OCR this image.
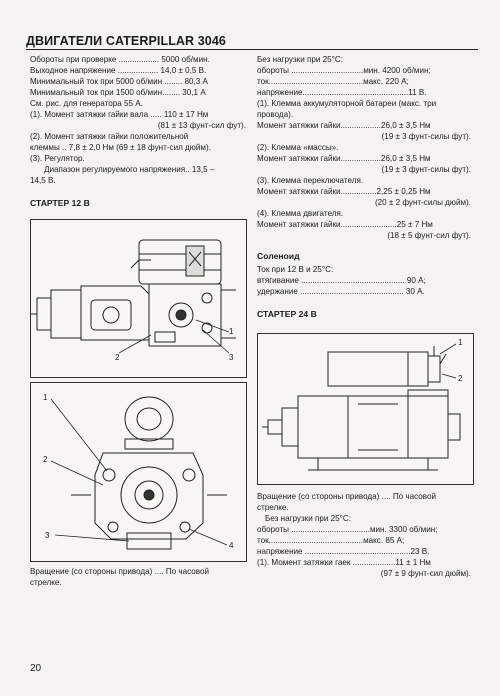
ДВИГАТЕЛИ CATERPILLAR 3046
Обороты при проверке .................. 5000 об/мин.
Выходное напряжение .................. 14,0 ± 0,5 В.
Минимальный ток при 5000 об/мин ........ 80,3 А
Минимальный ток при 1500 об/мин........ 30,1 А
См. рис. для генератора 55 А.
(1). Момент затяжки гайки вала ..... 110 ± 17 Нм
(81 ± 13 фунт-сил фут).
(2). Момент затяжки гайки положительной
клеммы .. 7,8 ± 2,0 Нм (69 ± 18 фунт-сил дюйм).
(3). Регулятор.
Диапазон регулируемого напряжения.. 13,5 –
14,5 В.
СТАРТЕР 12 В
1
2	3
1
2
3
4
Вращение (со стороны привода) .... По часовой
стрелке.
Без нагрузки при 25°С:
обороты ................................мин. 4200 об/мин;
ток..........................................макс. 220 А;
напряжение...............................................11 В.
(1). Клемма аккумуляторной батареи (макс. три
провода).
Момент затяжки гайки..................26,0 ± 3,5 Нм
(19 ± 3 фунт-силы фут).
(2). Клемма «массы».
Момент затяжки гайки..................26,0 ± 3,5 Нм
(19 ± 3 фунт-силы фут).
(3). Клемма переключателя.
Момент затяжки гайки................2,25 ± 0,25 Нм
(20 ± 2 фунт-силы дюйм).
(4). Клемма двигателя.
Момент затяжки гайки.........................25 ± 7 Нм
(18 ± 5 фунт-сил фут).
Соленоид
Ток при 12 В и 25°С:
втягивание .............................................. 90 А;
удержание .............................................. 30 А.
СТАРТЕР 24 В
1
2
Вращение (со стороны привода) .... По часовой
стрелке.
Без нагрузки при 25°С:
обороты ...................................мин. 3300 об/мин;
ток..........................................макс. 85 А;
напряжение ...............................................23 В.
(1). Момент затяжки гаек ...................11 ± 1 Нм
(97 ± 9 фунт-сил дюйм).
20
